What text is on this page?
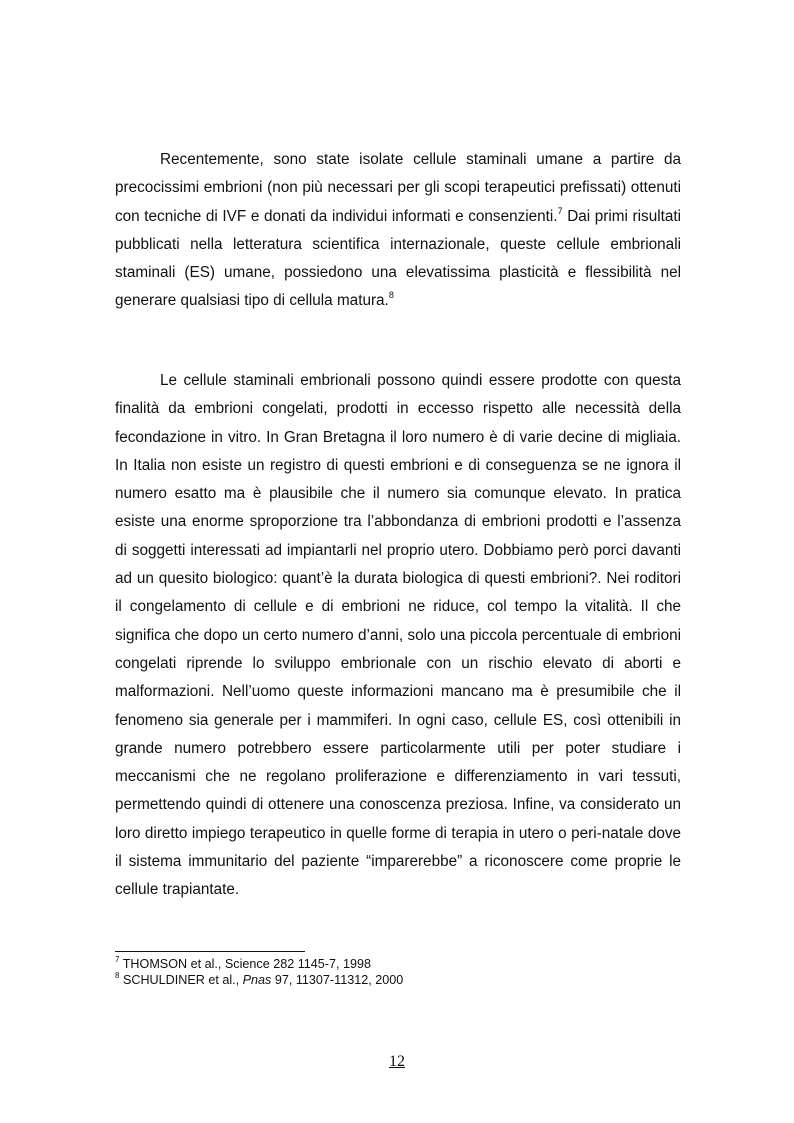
Recentemente, sono state isolate cellule staminali umane a partire da precocissimi embrioni (non più necessari per gli scopi terapeutici prefissati) ottenuti con tecniche di IVF e donati da individui informati e consenzienti.$^7$ Dai primi risultati pubblicati nella letteratura scientifica internazionale, queste cellule embrionali staminali (ES) umane, possiedono una elevatissima plasticità e flessibilità nel generare qualsiasi tipo di cellula matura.$^8$

Le cellule staminali embrionali possono quindi essere prodotte con questa finalità da embrioni congelati, prodotti in eccesso rispetto alle necessità della fecondazione in vitro. In Gran Bretagna il loro numero è di varie decine di migliaia. In Italia non esiste un registro di questi embrioni e di conseguenza se ne ignora il numero esatto ma è plausibile che il numero sia comunque elevato. In pratica esiste una enorme sproporzione tra l’abbondanza di embrioni prodotti e l’assenza di soggetti interessati ad impiantarli nel proprio utero. Dobbiamo però porci davanti ad un quesito biologico: quant’è la durata biologica di questi embrioni?. Nei roditori il congelamento di cellule e di embrioni ne riduce, col tempo la vitalità. Il che significa che dopo un certo numero d’anni, solo una piccola percentuale di embrioni congelati riprende lo sviluppo embrionale con un rischio elevato di aborti e malformazioni. Nell’uomo queste informazioni mancano ma è presumibile che il fenomeno sia generale per i mammiferi. In ogni caso, cellule ES, così ottenibili in grande numero potrebbero essere particolarmente utili per poter studiare i meccanismi che ne regolano proliferazione e differenziamento in vari tessuti, permettendo quindi di ottenere una conoscenza preziosa. Infine, va considerato un loro diretto impiego terapeutico in quelle forme di terapia in utero o peri-natale dove il sistema immunitario del paziente “imparerebbe” a riconoscere come proprie le cellule trapiantate.

$^7$ THOMSON et al., Science 282 1145-7, 1998

$^8$ SCHULDINER et al., Pnas 97, 11307-11312, 2000

12
